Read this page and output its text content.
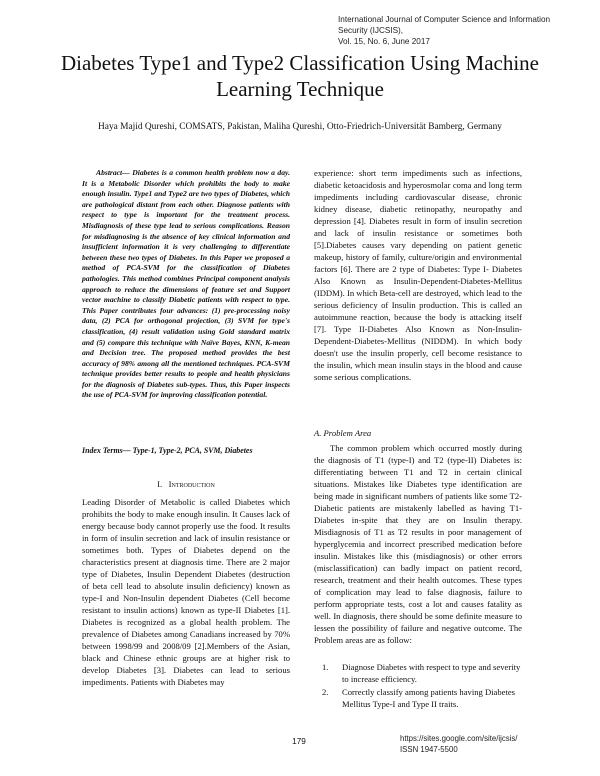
International Journal of Computer Science and Information Security (IJCSIS),
Vol. 15, No. 6, June 2017
Diabetes Type1 and Type2 Classification Using Machine Learning Technique
Haya Majid Qureshi, COMSATS, Pakistan, Maliha Qureshi, Otto-Friedrich-Universität Bamberg, Germany
Abstract— Diabetes is a common health problem now a day. It is a Metabolic Disorder which prohibits the body to make enough insulin. Type1 and Type2 are two types of Diabetes, which are pathological distant from each other. Diagnose patients with respect to type is important for the treatment process. Misdiagnosis of these type lead to serious complications. Reason for misdiagnosing is the absence of key clinical information and insufficient information it is very challenging to differentiate between these two types of Diabetes. In this Paper we proposed a method of PCA-SVM for the classification of Diabetes pathologies. This method combines Principal component analysis approach to reduce the dimensions of feature set and Support vector machine to classify Diabetic patients with respect to type. This Paper contributes four advances: (1) pre-processing noisy data, (2) PCA for orthogonal projection, (3) SVM for type's classification, (4) result validation using Gold standard matrix and (5) compare this technique with Naïve Bayes, KNN, K-mean and Decision tree. The proposed method provides the best accuracy of 98% among all the mentioned techniques. PCA-SVM technique provides better results to people and health physicians for the diagnosis of Diabetes sub-types. Thus, this Paper inspects the use of PCA-SVM for improving classification potential.
Index Terms— Type-1, Type-2, PCA, SVM, Diabetes
I. Introduction
Leading Disorder of Metabolic is called Diabetes which prohibits the body to make enough insulin. It Causes lack of energy because body cannot properly use the food. It results in form of insulin secretion and lack of insulin resistance or sometimes both. Types of Diabetes depend on the characteristics present at diagnosis time. There are 2 major type of Diabetes, Insulin Dependent Diabetes (destruction of beta cell lead to absolute insulin deficiency) known as type-I and Non-Insulin dependent Diabetes (Cell become resistant to insulin actions) known as type-II Diabetes [1]. Diabetes is recognized as a global health problem. The prevalence of Diabetes among Canadians increased by 70% between 1998/99 and 2008/09 [2].Members of the Asian, black and Chinese ethnic groups are at higher risk to develop Diabetes [3]. Diabetes can lead to serious impediments. Patients with Diabetes may
experience: short term impediments such as infections, diabetic ketoacidosis and hyperosmolar coma and long term impediments including cardiovascular disease, chronic kidney disease, diabetic retinopathy, neuropathy and depression [4]. Diabetes result in form of insulin secretion and lack of insulin resistance or sometimes both [5].Diabetes causes vary depending on patient genetic makeup, history of family, culture/origin and environmental factors [6]. There are 2 type of Diabetes: Type I- Diabetes Also Known as Insulin-Dependent-Diabetes-Mellitus (IDDM). In which Beta-cell are destroyed, which lead to the serious deficiency of Insulin production. This is called an autoimmune reaction, because the body is attacking itself [7]. Type II-Diabetes Also Known as Non-Insulin-Dependent-Diabetes-Mellitus (NIDDM). In which body doesn't use the insulin properly, cell become resistance to the insulin, which mean insulin stays in the blood and cause some serious complications.
A. Problem Area

The common problem which occurred mostly during the diagnosis of T1 (type-I) and T2 (type-II) Diabetes is: differentiating between T1 and T2 in certain clinical situations. Mistakes like Diabetes type identification are being made in significant numbers of patients like some T2-Diabetic patients are mistakenly labelled as having T1-Diabetes in-spite that they are on Insulin therapy. Misdiagnosis of T1 as T2 results in poor management of hyperglycemia and incorrect prescribed medication before insulin. Mistakes like this (misdiagnosis) or other errors (misclassification) can badly impact on patient record, research, treatment and their health outcomes. These types of complication may lead to false diagnosis, failure to perform appropriate tests, cost a lot and causes fatality as well. In diagnosis, there should be some definite measure to lessen the possibility of failure and negative outcome. The Problem areas are as follow:

1.	Diagnose Diabetes with respect to type and severity to increase efficiency.
2.	Correctly classify among patients having Diabetes Mellitus Type-I and Type II traits.
179	https://sites.google.com/site/ijcsis/
ISSN 1947-5500
